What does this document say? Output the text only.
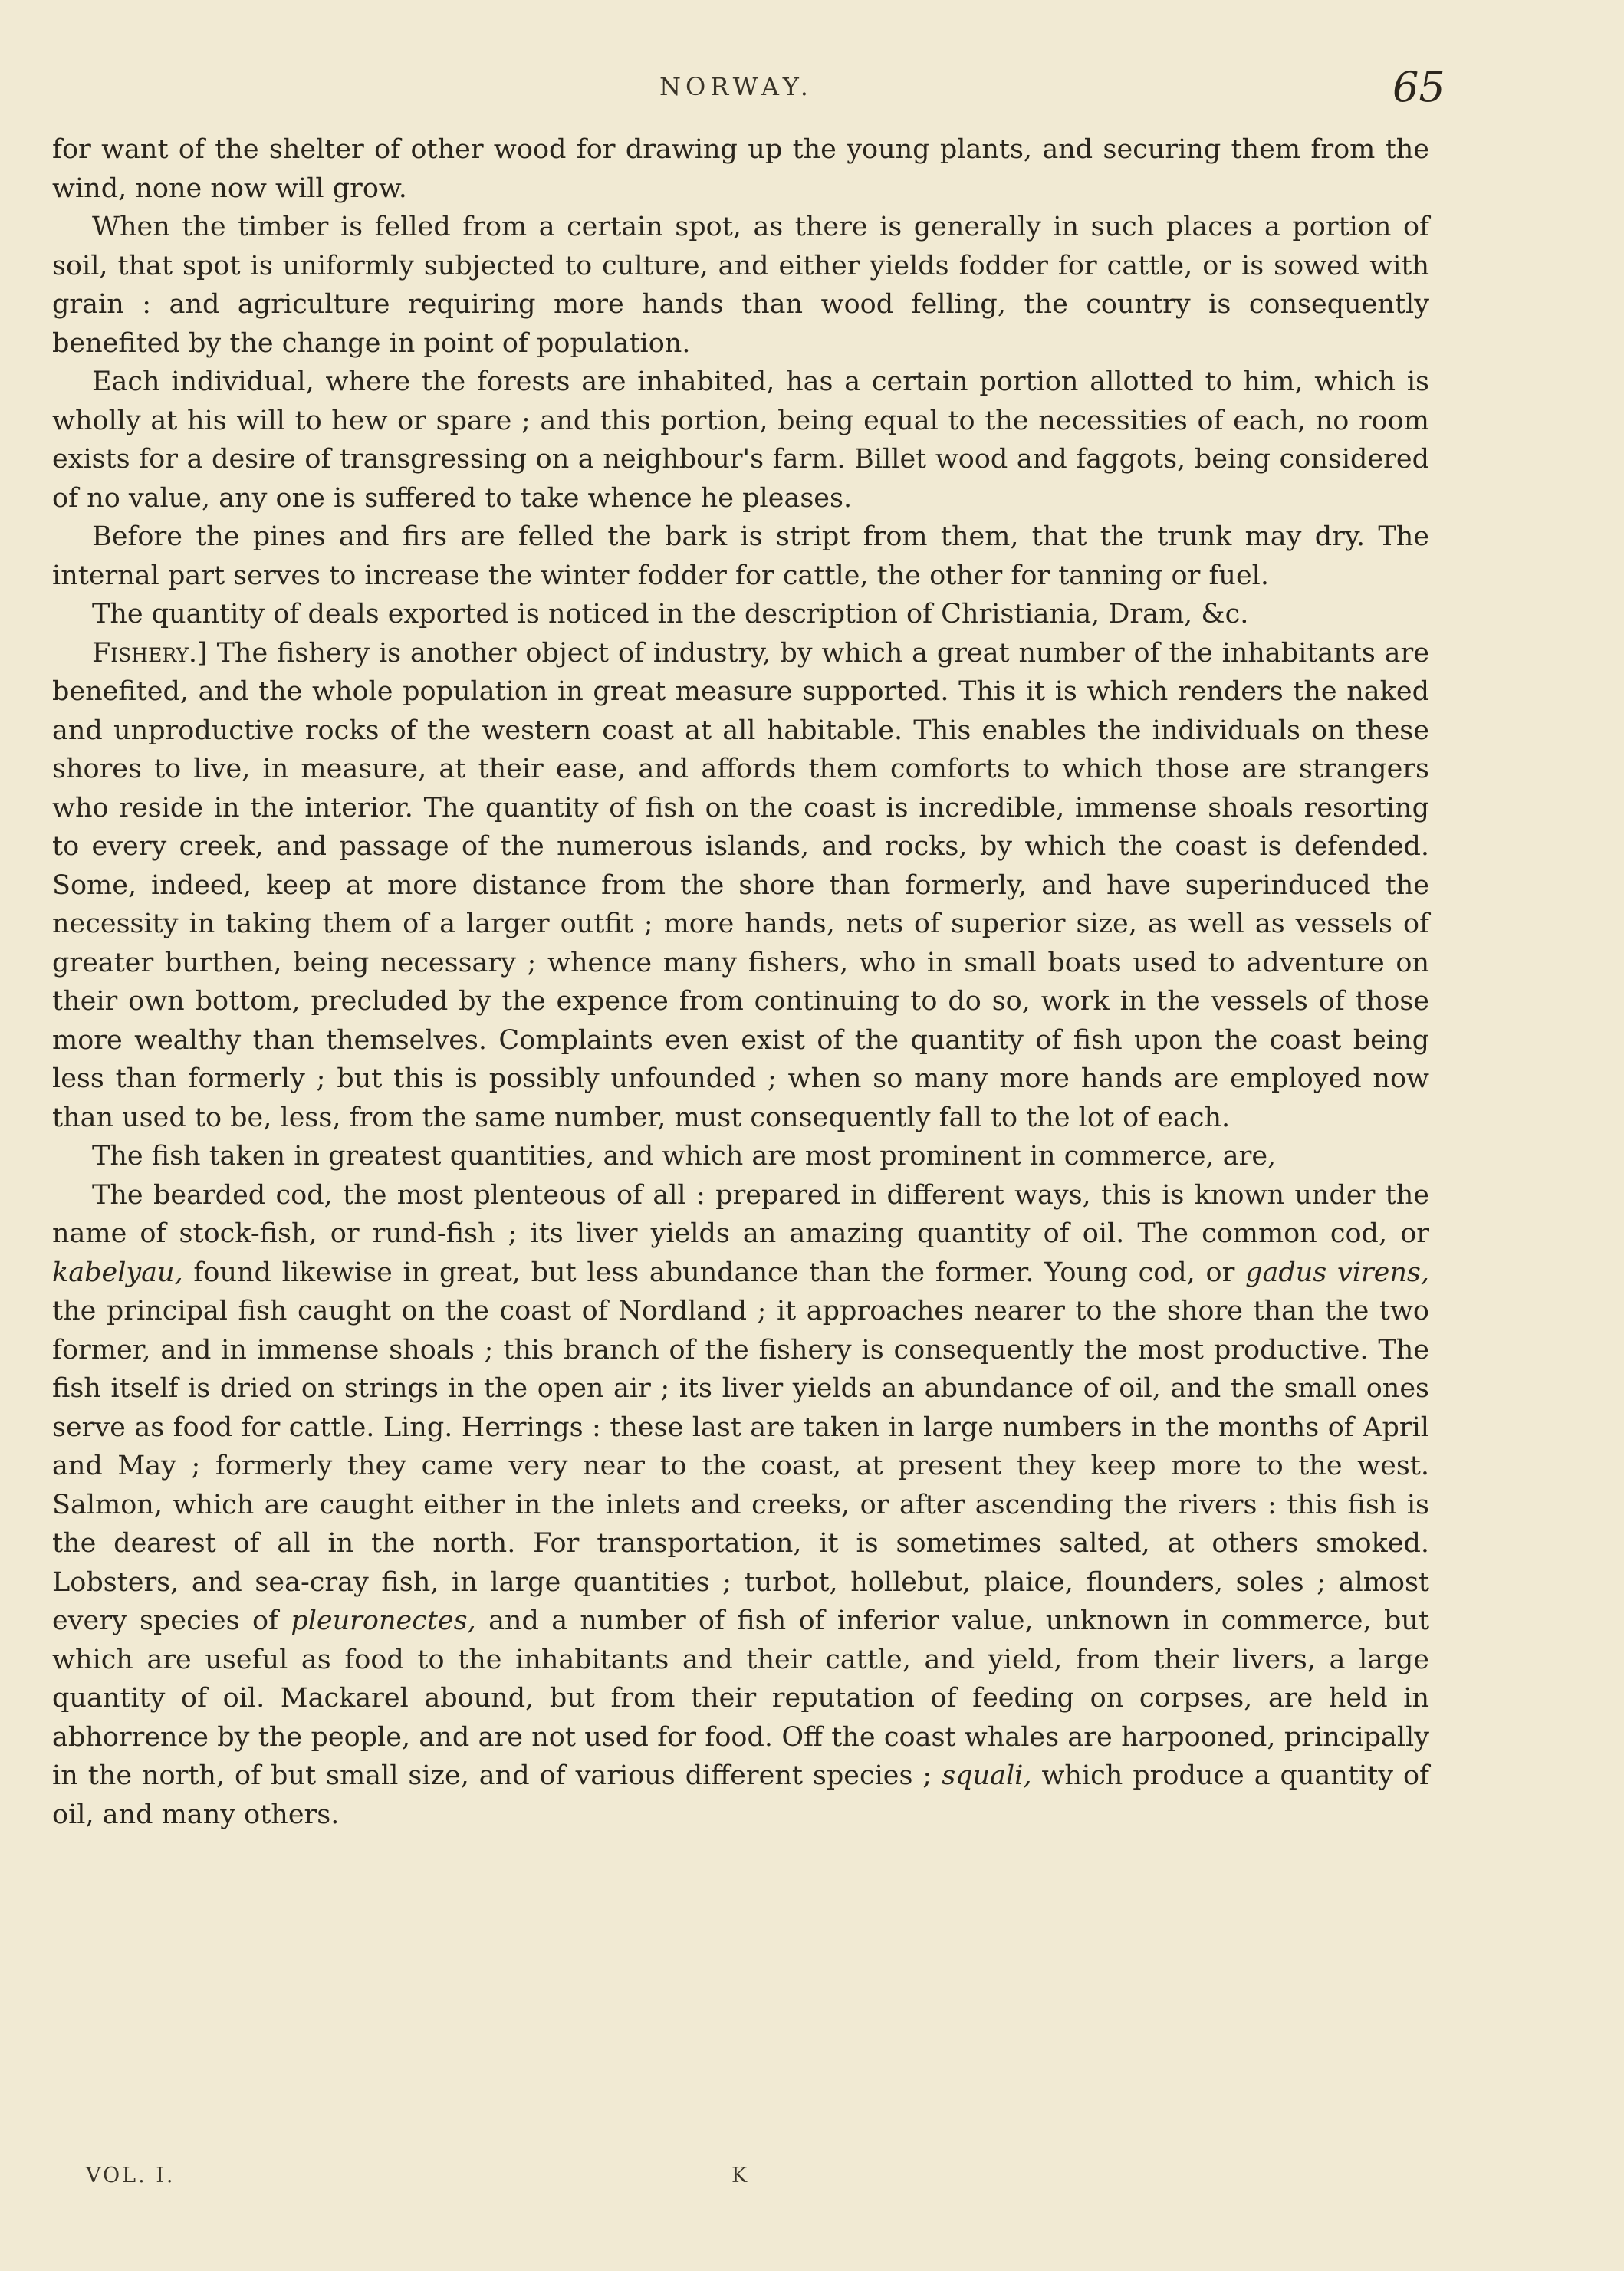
NORWAY.	65

for want of the shelter of other wood for drawing up the young plants, and securing them from the wind, none now will grow.

When the timber is felled from a certain spot, as there is generally in such places a portion of soil, that spot is uniformly subjected to culture, and either yields fodder for cattle, or is sowed with grain : and agriculture requiring more hands than wood felling, the country is consequently benefited by the change in point of population.

Each individual, where the forests are inhabited, has a certain portion allotted to him, which is wholly at his will to hew or spare ; and this portion, being equal to the necessities of each, no room exists for a desire of transgressing on a neighbour's farm. Billet wood and faggots, being considered of no value, any one is suffered to take whence he pleases.

Before the pines and firs are felled the bark is stript from them, that the trunk may dry. The internal part serves to increase the winter fodder for cattle, the other for tanning or fuel.

The quantity of deals exported is noticed in the description of Christiania, Dram, &c.

Fishery.] The fishery is another object of industry, by which a great number of the inhabitants are benefited, and the whole population in great measure supported. This it is which renders the naked and unproductive rocks of the western coast at all habitable. This enables the individuals on these shores to live, in measure, at their ease, and affords them comforts to which those are strangers who reside in the interior. The quantity of fish on the coast is incredible, immense shoals resorting to every creek, and passage of the numerous islands, and rocks, by which the coast is defended. Some, indeed, keep at more distance from the shore than formerly, and have superinduced the necessity in taking them of a larger outfit ; more hands, nets of superior size, as well as vessels of greater burthen, being necessary ; whence many fishers, who in small boats used to adventure on their own bottom, precluded by the expence from continuing to do so, work in the vessels of those more wealthy than themselves. Complaints even exist of the quantity of fish upon the coast being less than formerly ; but this is possibly unfounded ; when so many more hands are employed now than used to be, less, from the same number, must consequently fall to the lot of each.

The fish taken in greatest quantities, and which are most prominent in commerce, are,

The bearded cod, the most plenteous of all : prepared in different ways, this is known under the name of stock-fish, or rund-fish ; its liver yields an amazing quantity of oil. The common cod, or kabelyau, found likewise in great, but less abundance than the former. Young cod, or gadus virens, the principal fish caught on the coast of Nordland ; it approaches nearer to the shore than the two former, and in immense shoals ; this branch of the fishery is consequently the most productive. The fish itself is dried on strings in the open air ; its liver yields an abundance of oil, and the small ones serve as food for cattle. Ling. Herrings : these last are taken in large numbers in the months of April and May ; formerly they came very near to the coast, at present they keep more to the west. Salmon, which are caught either in the inlets and creeks, or after ascending the rivers : this fish is the dearest of all in the north. For transportation, it is sometimes salted, at others smoked. Lobsters, and sea-cray fish, in large quantities ; turbot, hollebut, plaice, flounders, soles ; almost every species of pleuronectes, and a number of fish of inferior value, unknown in commerce, but which are useful as food to the inhabitants and their cattle, and yield, from their livers, a large quantity of oil. Mackarel abound, but from their reputation of feeding on corpses, are held in abhorrence by the people, and are not used for food. Off the coast whales are harpooned, principally in the north, of but small size, and of various different species ; squali, which produce a quantity of oil, and many others.

VOL. I.	K
